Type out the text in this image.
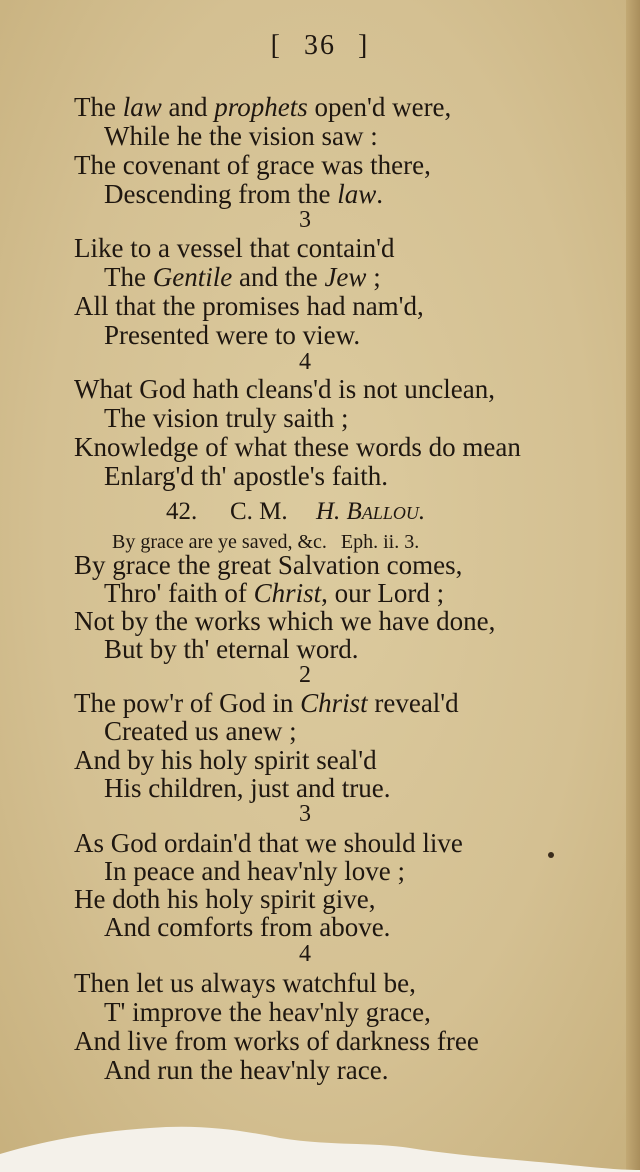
[ 36 ]
The law and prophets open'd were,
While he the vision saw :
The covenant of grace was there,
Descending from the law.
3
Like to a vessel that contain'd
The Gentile and the Jew ;
All that the promises had nam'd,
Presented were to view.
4
What God hath cleans'd is not unclean,
The vision truly saith ;
Knowledge of what these words do mean
Enlarg'd th' apostle's faith.
42. C. M. H. Ballou.
By grace are ye saved, &c. Eph. ii. 3.
By grace the great Salvation comes,
Thro' faith of Christ, our Lord ;
Not by the works which we have done,
But by th' eternal word.
2
The pow'r of God in Christ reveal'd
Created us anew ;
And by his holy spirit seal'd
His children, just and true.
3
As God ordain'd that we should live
In peace and heav'nly love ;
He doth his holy spirit give,
And comforts from above.
4
Then let us always watchful be,
T' improve the heav'nly grace,
And live from works of darkness free
And run the heav'nly race.
